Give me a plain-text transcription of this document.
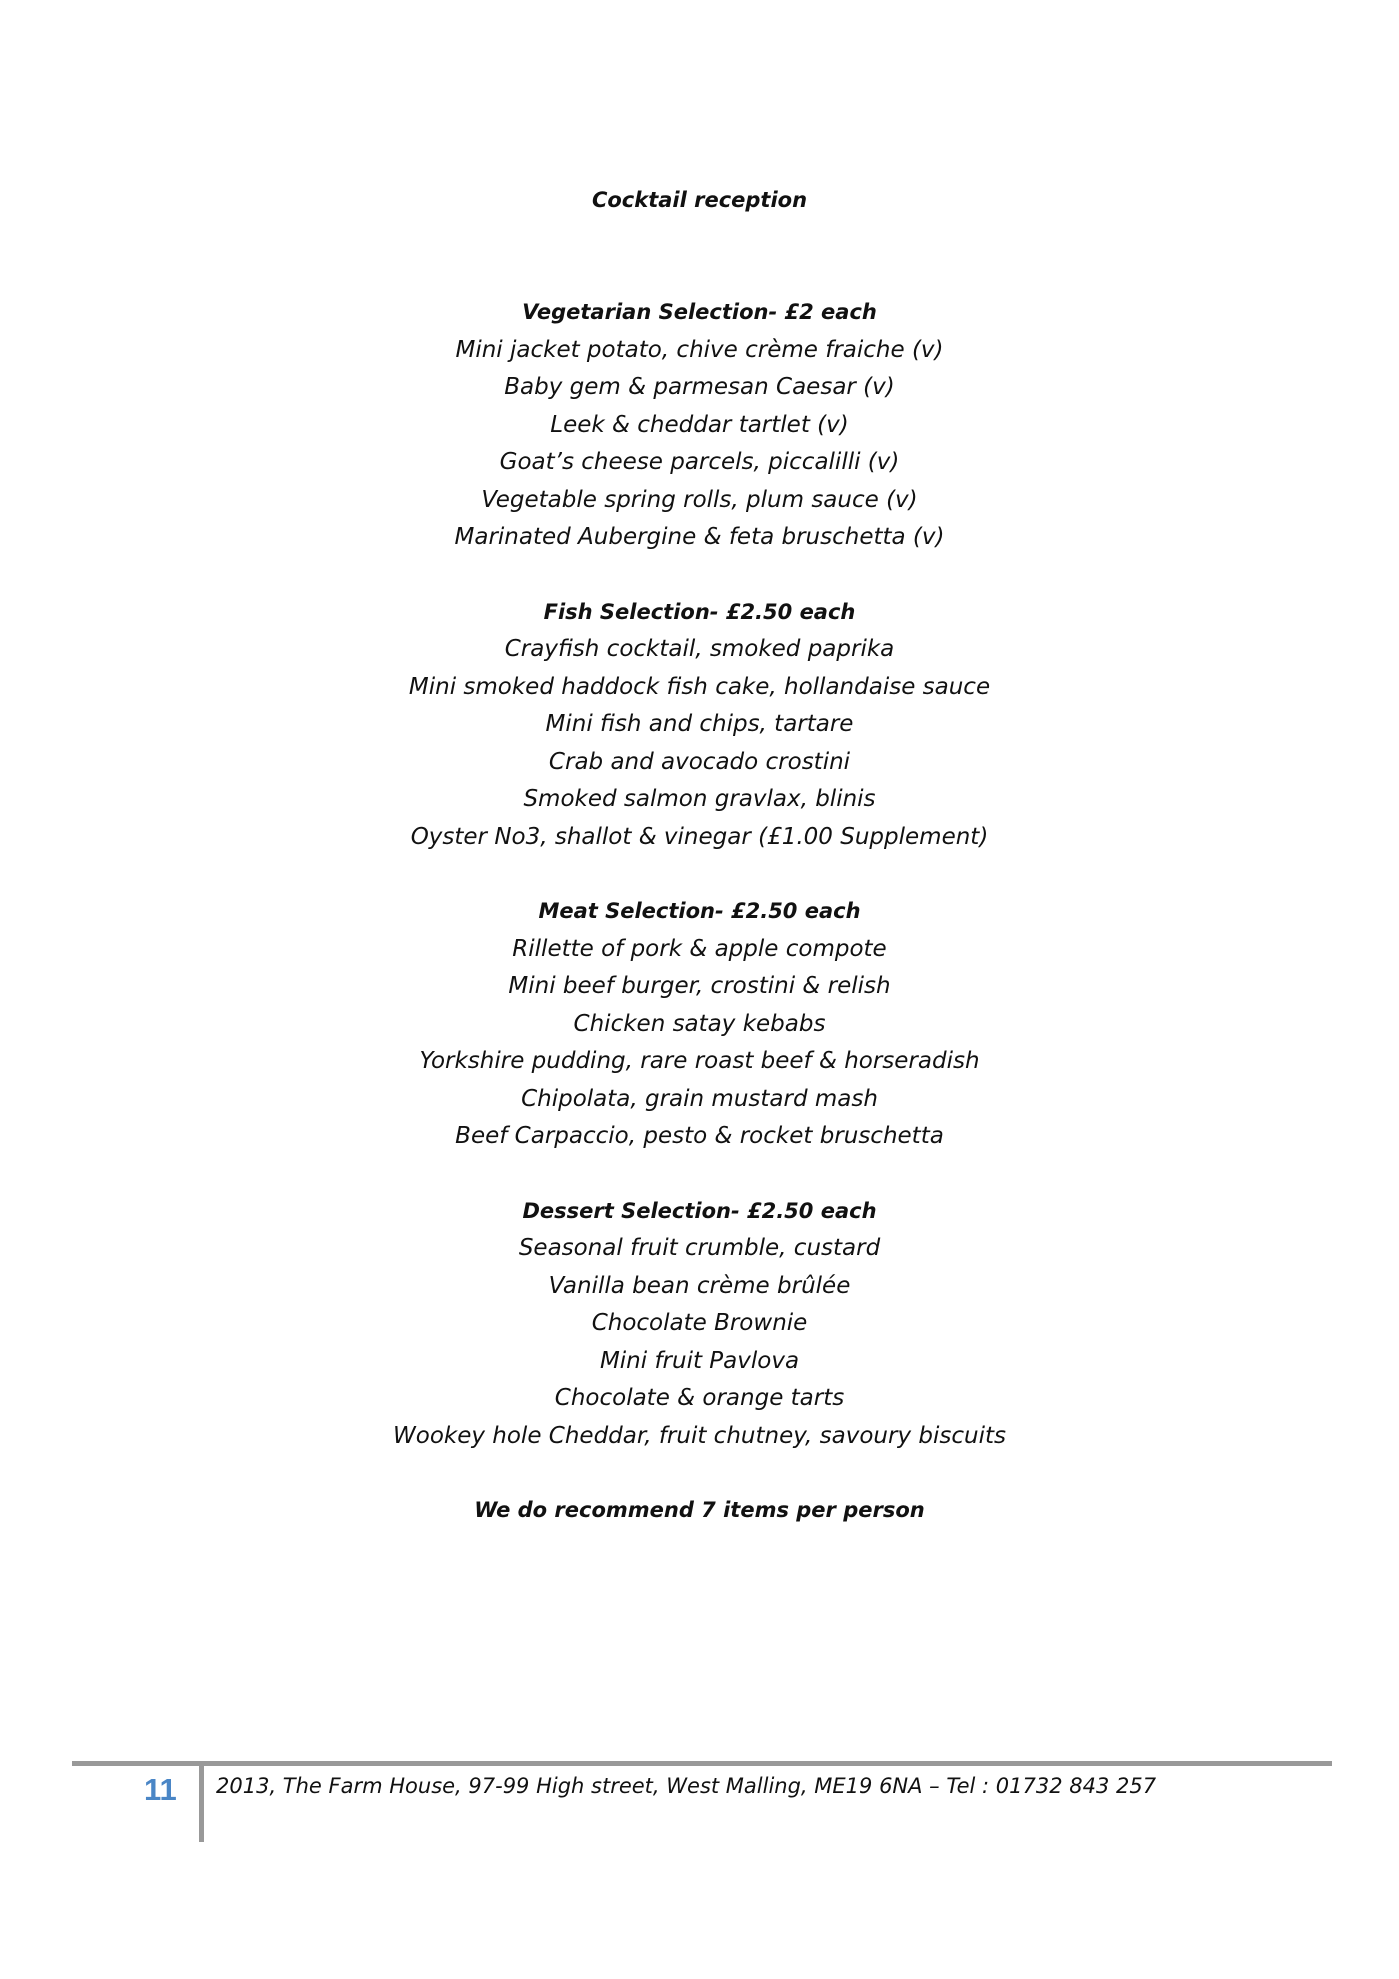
Cocktail reception
Vegetarian Selection- £2 each
Mini jacket potato, chive crème fraiche (v)
Baby gem & parmesan Caesar (v)
Leek & cheddar tartlet (v)
Goat’s cheese parcels, piccalilli (v)
Vegetable spring rolls, plum sauce (v)
Marinated Aubergine & feta bruschetta (v)
Fish Selection- £2.50 each
Crayfish cocktail, smoked paprika
Mini smoked haddock fish cake, hollandaise sauce
Mini fish and chips, tartare
Crab and avocado crostini
Smoked salmon gravlax, blinis
Oyster No3, shallot & vinegar (£1.00 Supplement)
Meat Selection- £2.50 each
Rillette of pork & apple compote
Mini beef burger, crostini & relish
Chicken satay kebabs
Yorkshire pudding, rare roast beef & horseradish
Chipolata, grain mustard mash
Beef Carpaccio, pesto & rocket bruschetta
Dessert Selection- £2.50 each
Seasonal fruit crumble, custard
Vanilla bean crème brûlée
Chocolate Brownie
Mini fruit Pavlova
Chocolate & orange tarts
Wookey hole Cheddar, fruit chutney, savoury biscuits
We do recommend 7 items per person
11 2013, The Farm House, 97-99 High street, West Malling, ME19 6NA – Tel : 01732 843 257
